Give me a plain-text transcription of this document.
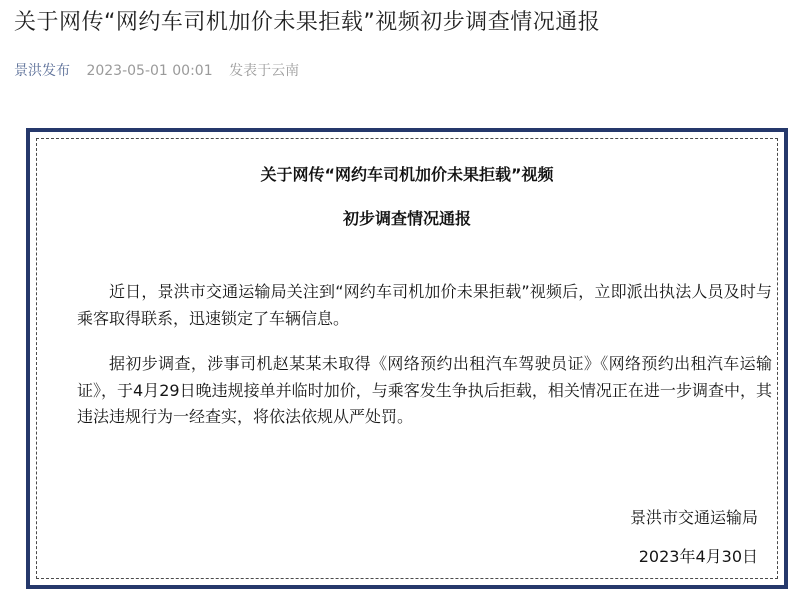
关于网传“网约车司机加价未果拒载”视频初步调查情况通报
景洪发布 2023-05-01 00:01 发表于云南
关于网传“网约车司机加价未果拒载”视频
初步调查情况通报

近日，景洪市交通运输局关注到“网约车司机加价未果拒载”视频后，立即派出执法人员及时与乘客取得联系，迅速锁定了车辆信息。

据初步调查，涉事司机赵某某未取得《网络预约出租汽车驾驶员证》《网络预约出租汽车运输证》，于4月29日晚违规接单并临时加价，与乘客发生争执后拒载，相关情况正在进一步调查中，其违法违规行为一经查实，将依法依规从严处罚。

景洪市交通运输局
2023年4月30日
